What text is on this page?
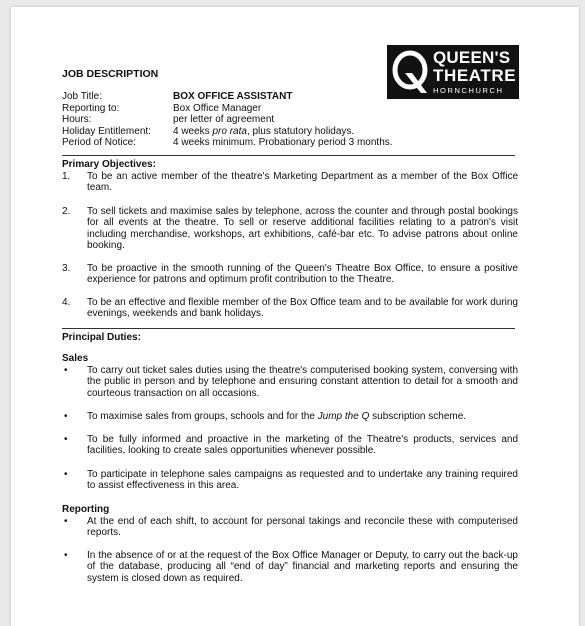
QUEEN'S
THEATRE
HORNCHURCH
JOB DESCRIPTION
Job Title:	BOX OFFICE ASSISTANT
Reporting to:	Box Office Manager
Hours:	per letter of agreement
Holiday Entitlement:	4 weeks pro rata, plus statutory holidays.
Period of Notice:	4 weeks minimum. Probationary period 3 months.
Primary Objectives:
1. To be an active member of the theatre's Marketing Department as a member of the Box Office team.
2. To sell tickets and maximise sales by telephone, across the counter and through postal bookings for all events at the theatre. To sell or reserve additional facilities relating to a patron's visit including merchandise, workshops, art exhibitions, café-bar etc. To advise patrons about online booking.
3. To be proactive in the smooth running of the Queen's Theatre Box Office, to ensure a positive experience for patrons and optimum profit contribution to the Theatre.
4. To be an effective and flexible member of the Box Office team and to be available for work during evenings, weekends and bank holidays.
Principal Duties:
Sales
• To carry out ticket sales duties using the theatre's computerised booking system, conversing with the public in person and by telephone and ensuring constant attention to detail for a smooth and courteous transaction on all occasions.
• To maximise sales from groups, schools and for the Jump the Q subscription scheme.
• To be fully informed and proactive in the marketing of the Theatre's products, services and facilities, looking to create sales opportunities whenever possible.
• To participate in telephone sales campaigns as requested and to undertake any training required to assist effectiveness in this area.
Reporting
• At the end of each shift, to account for personal takings and reconcile these with computerised reports.
• In the absence of or at the request of the Box Office Manager or Deputy, to carry out the back-up of the database, producing all “end of day” financial and marketing reports and ensuring the system is closed down as required.
